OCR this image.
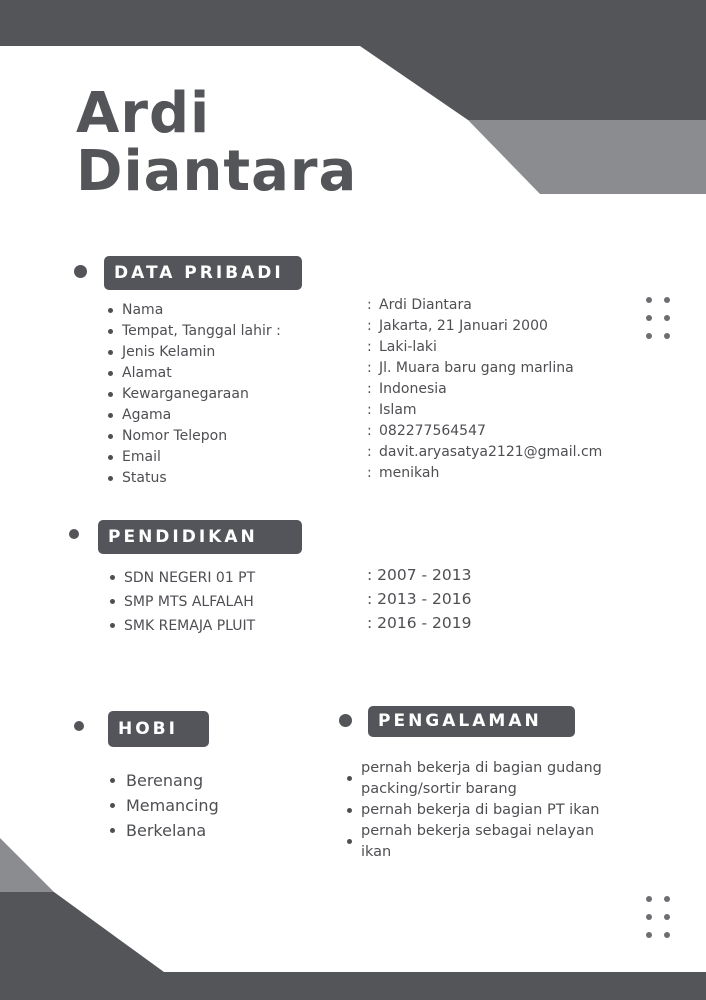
Ardi
Diantara
DATA PRIBADI
Nama
Tempat, Tanggal lahir :
Jenis Kelamin
Alamat
Kewarganegaraan
Agama
Nomor Telepon
Email
Status
: Ardi Diantara
: Jakarta, 21 Januari 2000
: Laki-laki
: Jl. Muara baru gang marlina
: Indonesia
: Islam
: 082277564547
: davit.aryasatya2121@gmail.cm
: menikah
PENDIDIKAN
SDN NEGERI 01 PT
SMP MTS ALFALAH
SMK REMAJA PLUIT
: 2007 - 2013
: 2013 - 2016
: 2016 - 2019
HOBI
Berenang
Memancing
Berkelana
PENGALAMAN
pernah bekerja di bagian gudang packing/sortir barang
pernah bekerja di bagian PT ikan
pernah bekerja sebagai nelayan ikan
